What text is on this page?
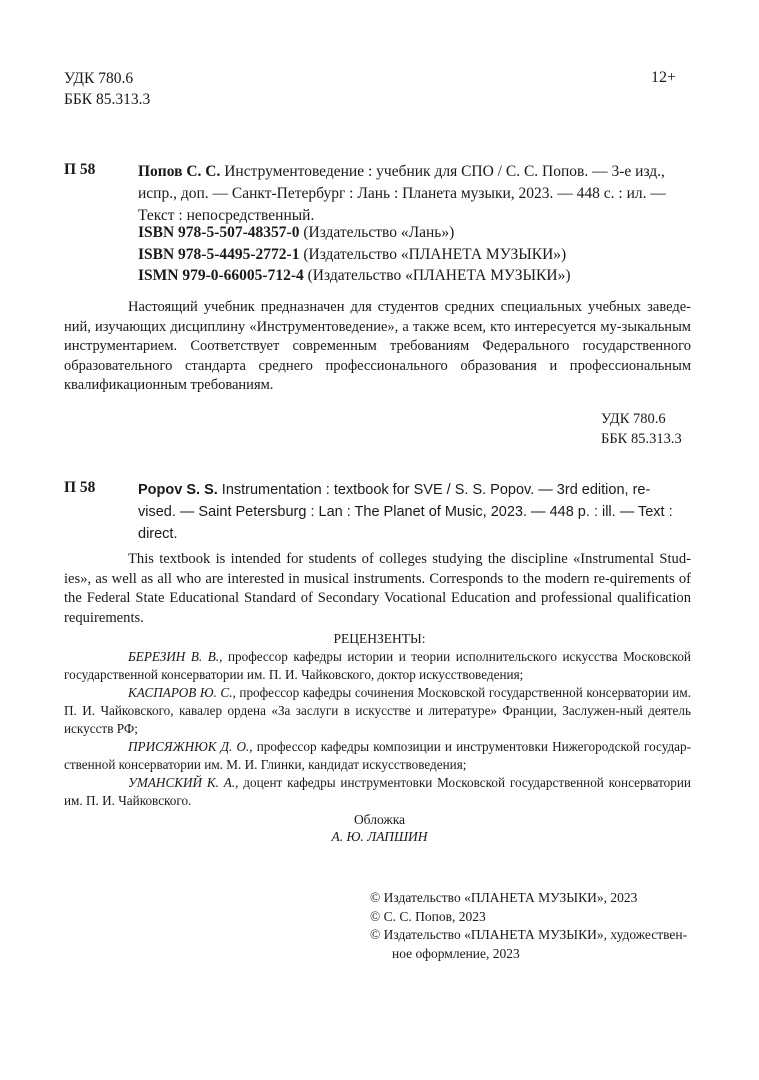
УДК 780.6
ББК 85.313.3
12+
П 58	Попов С. С. Инструментоведение : учебник для СПО / С. С. Попов. — 3-е изд.,
испр., доп. — Санкт-Петербург : Лань : Планета музыки, 2023. — 448 с. : ил. —
Текст : непосредственный.
ISBN 978-5-507-48357-0 (Издательство «Лань»)
ISBN 978-5-4495-2772-1 (Издательство «ПЛАНЕТА МУЗЫКИ»)
ISMN 979-0-66005-712-4 (Издательство «ПЛАНЕТА МУЗЫКИ»)
Настоящий учебник предназначен для студентов средних специальных учебных заведе-ний, изучающих дисциплину «Инструментоведение», а также всем, кто интересуется му-зыкальным инструментарием. Соответствует современным требованиям Федерального государственного образовательного стандарта среднего профессионального образования и профессиональным квалификационным требованиям.
УДК 780.6
ББК 85.313.3
П 58	Popov S. S. Instrumentation : textbook for SVE / S. S. Popov. — 3rd edition, re-
vised. — Saint Petersburg : Lan : The Planet of Music, 2023. — 448 p. : ill. — Text :
direct.
This textbook is intended for students of colleges studying the discipline «Instrumental Stud-ies», as well as all who are interested in musical instruments. Corresponds to the modern re-quirements of the Federal State Educational Standard of Secondary Vocational Education and professional qualification requirements.
РЕЦЕНЗЕНТЫ:
БЕРЕЗИН В. В., профессор кафедры истории и теории исполнительского искусства Московской государственной консерватории им. П. И. Чайковского, доктор искусствоведения;
КАСПАРОВ Ю. С., профессор кафедры сочинения Московской государственной консерватории им. П. И. Чайковского, кавалер ордена «За заслуги в искусстве и литературе» Франции, Заслужен-ный деятель искусств РФ;
ПРИСЯЖНЮК Д. О., профессор кафедры композиции и инструментовки Нижегородской государ-ственной консерватории им. М. И. Глинки, кандидат искусствоведения;
УМАНСКИЙ К. А., доцент кафедры инструментовки Московской государственной консерватории им. П. И. Чайковского.
Обложка
А. Ю. ЛАПШИН
© Издательство «ПЛАНЕТА МУЗЫКИ», 2023
© С. С. Попов, 2023
© Издательство «ПЛАНЕТА МУЗЫКИ», художествен-
ное оформление, 2023
